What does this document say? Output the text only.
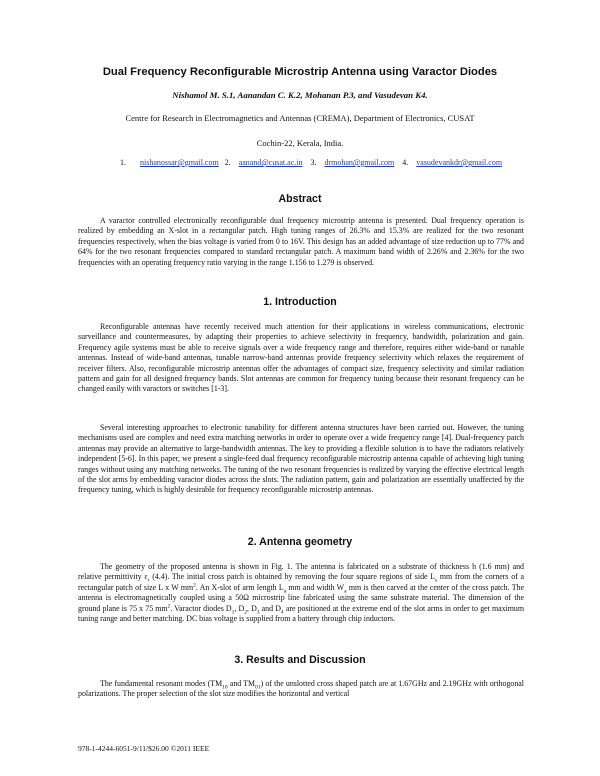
Dual Frequency Reconfigurable Microstrip Antenna using Varactor Diodes
Nishamol M. S.1, Aanandan C. K.2, Mohanan P.3, and Vasudevan K4.
Centre for Research in Electromagnetics and Antennas (CREMA), Department of Electronics, CUSAT
Cochin-22, Kerala, India.
1. nishanossar@gmail.com 2. aanand@cusat.ac.in 3. drmohan@gmail.com 4. vasudevankdr@gmail.com
Abstract

A varactor controlled electronically reconfigurable dual frequency microstrip antenna is presented. Dual frequency operation is realized by embedding an X-slot in a rectangular patch. High tuning ranges of 26.3% and 15.3% are realized for the two resonant frequencies respectively, when the bias voltage is varied from 0 to 16V. This design has an added advantage of size reduction up to 77% and 64% for the two resonant frequencies compared to standard rectangular patch. A maximum band width of 2.26% and 2.36% for the two frequencies with an operating frequency ratio varying in the range 1.156 to 1.279 is observed.

1. Introduction

Reconfigurable antennas have recently received much attention for their applications in wireless communications, electronic surveillance and countermeasures, by adapting their properties to achieve selectivity in frequency, bandwidth, polarization and gain. Frequency agile systems must be able to receive signals over a wide frequency range and therefore, requires either wide-band or tunable antennas. Instead of wide-band antennas, tunable narrow-band antennas provide frequency selectivity which relaxes the requirement of receiver filters. Also, reconfigurable microstrip antennas offer the advantages of compact size, frequency selectivity and similar radiation pattern and gain for all designed frequency bands. Slot antennas are common for frequency tuning because their resonant frequency can be changed easily with varactors or switches [1-3].

Several interesting approaches to electronic tunability for different antenna structures have been carried out. However, the tuning mechanisms used are complex and need extra matching networks in order to operate over a wide frequency range [4]. Dual-frequency patch antennas may provide an alternative to large-bandwidth antennas. The key to providing a flexible solution is to have the radiators relatively independent [5-6]. In this paper, we present a single-feed dual frequency reconfigurable microstrip antenna capable of achieving high tuning ranges without using any matching networks. The tuning of the two resonant frequencies is realized by varying the effective electrical length of the slot arms by embedding varactor diodes across the slots. The radiation pattern, gain and polarization are essentially unaffected by the frequency tuning, which is highly desirable for frequency reconfigurable microstrip antennas.

2. Antenna geometry

The geometry of the proposed antenna is shown in Fig. 1. The antenna is fabricated on a substrate of thickness h (1.6 mm) and relative permittivity $\varepsilon_r$ (4.4). The initial cross patch is obtained by removing the four square regions of side $L_s$ mm from the corners of a rectangular patch of size L x W $mm^2$. An X-slot of arm length $L_a$ mm and width $W_a$ mm is then carved at the center of the cross patch. The antenna is electromagnetically coupled using a 50Ω microstrip line fabricated using the same substrate material. The dimension of the ground plane is 75 x 75 $mm^2$. Varactor diodes $D_1$, $D_2$, $D_3$ and $D_4$ are positioned at the extreme end of the slot arms in order to get maximum tuning range and better matching. DC bias voltage is supplied from a battery through chip inductors.

3. Results and Discussion

The fundamental resonant modes ($TM_{10}$ and $TM_{01}$) of the unslotted cross shaped patch are at 1.67GHz and 2.19GHz with orthogonal polarizations. The proper selection of the slot size modifies the horizontal and vertical

978-1-4244-6051-9/11/$26.00 ©2011 IEEE
